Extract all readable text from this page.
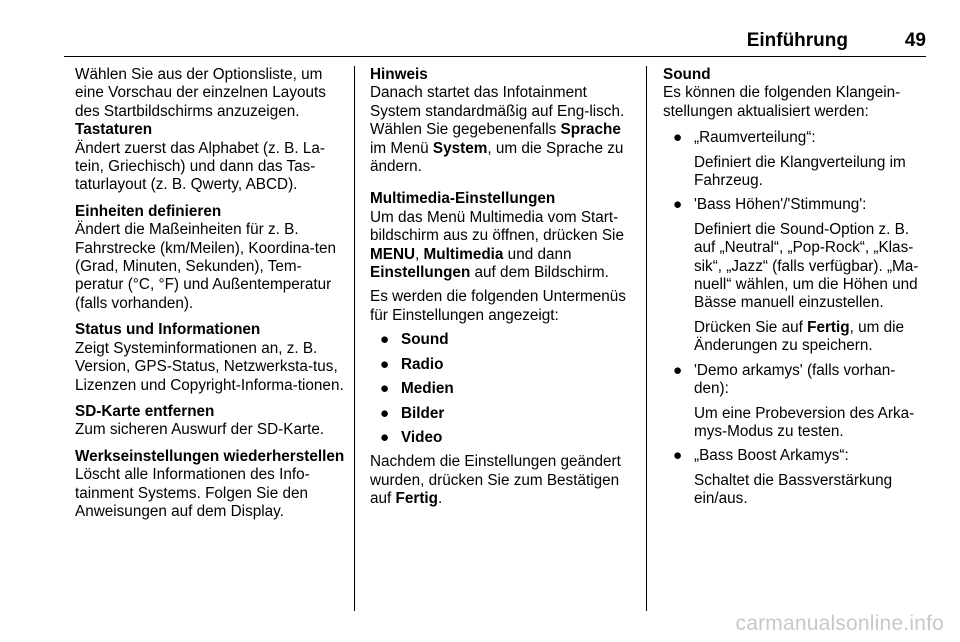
Einführung	49

Wählen Sie aus der Optionsliste, um eine Vorschau der einzelnen Layouts des Startbildschirms anzuzeigen.

Tastaturen

Ändert zuerst das Alphabet (z. B. La-tein, Griechisch) und dann das Tas-taturlayout (z. B. Qwerty, ABCD).

Einheiten definieren

Ändert die Maßeinheiten für z. B. Fahrstrecke (km/Meilen), Koordina-ten (Grad, Minuten, Sekunden), Tem-peratur (°C, °F) und Außentemperatur (falls vorhanden).

Status und Informationen

Zeigt Systeminformationen an, z. B. Version, GPS-Status, Netzwerksta-tus, Lizenzen und Copyright-Informa-tionen.

SD-Karte entfernen

Zum sicheren Auswurf der SD-Karte.

Werkseinstellungen wiederherstellen

Löscht alle Informationen des Info-tainment Systems. Folgen Sie den Anweisungen auf dem Display.

Hinweis

Danach startet das Infotainment System standardmäßig auf Eng-lisch. Wählen Sie gegebenenfalls Sprache im Menü System, um die Sprache zu ändern.

Multimedia-Einstellungen

Um das Menü Multimedia vom Start-bildschirm aus zu öffnen, drücken Sie MENU, Multimedia und dann Einstellungen auf dem Bildschirm.

Es werden die folgenden Untermenüs für Einstellungen angezeigt:

● Sound
● Radio
● Medien
● Bilder
● Video

Nachdem die Einstellungen geändert wurden, drücken Sie zum Bestätigen auf Fertig.

Sound

Es können die folgenden Klangein-stellungen aktualisiert werden:

● „Raumverteilung“:
Definiert die Klangverteilung im Fahrzeug.
● 'Bass Höhen'/'Stimmung':
Definiert die Sound-Option z. B. auf „Neutral“, „Pop-Rock“, „Klas-sik“, „Jazz“ (falls verfügbar). „Ma-nuell“ wählen, um die Höhen und Bässe manuell einzustellen.
Drücken Sie auf Fertig, um die Änderungen zu speichern.
● 'Demo arkamys' (falls vorhan-den):
Um eine Probeversion des Arka-mys-Modus zu testen.
● „Bass Boost Arkamys“:
Schaltet die Bassverstärkung ein/aus.
carmanualsonline.info
